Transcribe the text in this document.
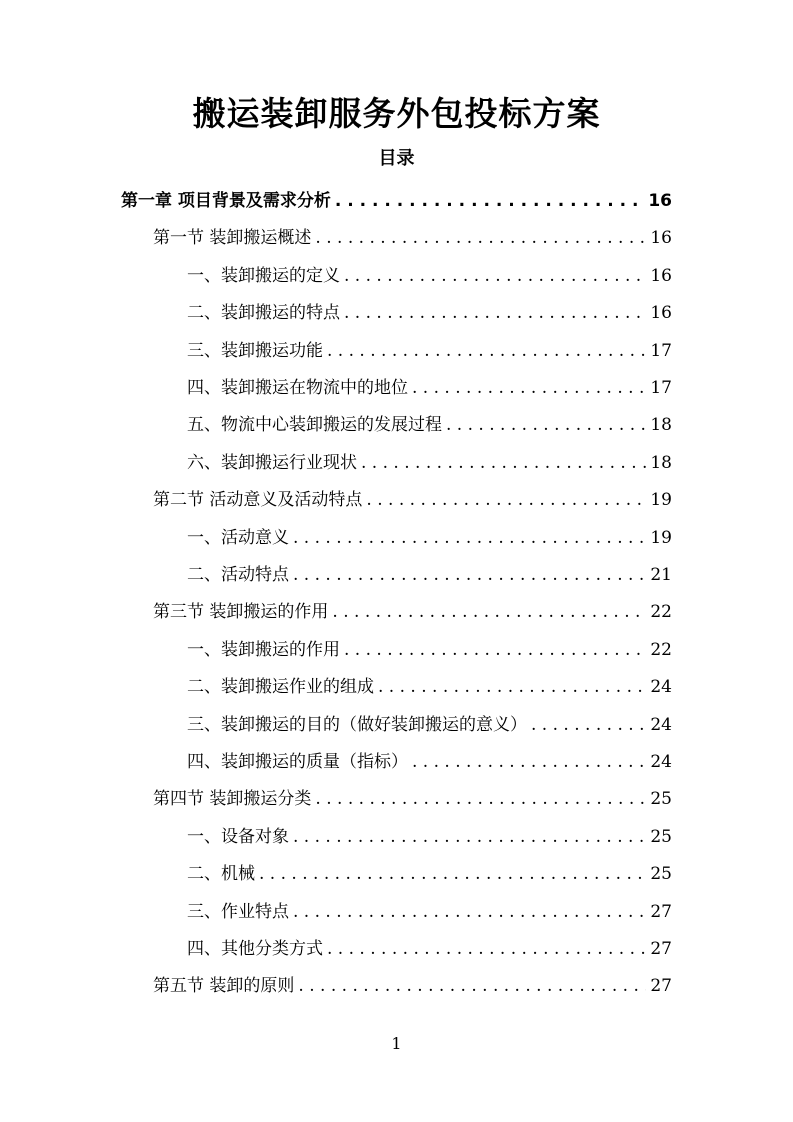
搬运装卸服务外包投标方案
目录
第一章 项目背景及需求分析 . . .	16
第一节 装卸搬运概述 . . .	16
一、装卸搬运的定义 . . .	16
二、装卸搬运的特点 . . .	16
三、装卸搬运功能 . . .	17
四、装卸搬运在物流中的地位 . . .	17
五、物流中心装卸搬运的发展过程 . . .	18
六、装卸搬运行业现状 . . .	18
第二节 活动意义及活动特点 . . .	19
一、活动意义 . . .	19
二、活动特点 . . .	21
第三节 装卸搬运的作用 . . .	22
一、装卸搬运的作用 . . .	22
二、装卸搬运作业的组成 . . .	24
三、装卸搬运的目的（做好装卸搬运的意义） . . .	24
四、装卸搬运的质量（指标） . . .	24
第四节 装卸搬运分类 . . .	25
一、设备对象 . . .	25
二、机械 . . .	25
三、作业特点 . . .	27
四、其他分类方式 . . .	27
第五节 装卸的原则 . . .	27
1
